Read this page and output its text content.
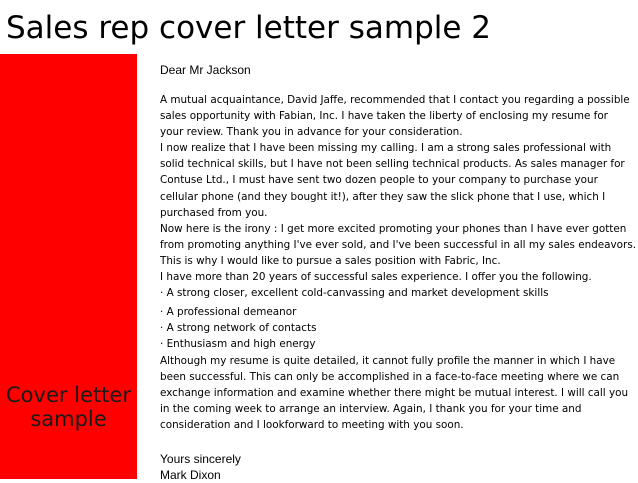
Sales rep cover letter sample 2
Cover letter
sample

Dear Mr Jackson

A mutual acquaintance, David Jaffe, recommended that I contact you regarding a possible

sales opportunity with Fabian, Inc. I have taken the liberty of enclosing my resume for

your review. Thank you in advance for your consideration.

I now realize that I have been missing my calling. I am a strong sales professional with

solid technical skills, but I have not been selling technical products. As sales manager for

Contuse Ltd., I must have sent two dozen people to your company to purchase your

cellular phone (and they bought it!), after they saw the slick phone that I use, which I

purchased from you.

Now here is the irony : I get more excited promoting your phones than I have ever gotten

from promoting anything I've ever sold, and I've been successful in all my sales endeavors.

This is why I would like to pursue a sales position with Fabric, Inc.

I have more than 20 years of successful sales experience. I offer you the following.

· A strong closer, excellent cold-canvassing and market development skills

· A professional demeanor

· A strong network of contacts

· Enthusiasm and high energy

Although my resume is quite detailed, it cannot fully profile the manner in which I have

been successful. This can only be accomplished in a face-to-face meeting where we can

exchange information and examine whether there might be mutual interest. I will call you

in the coming week to arrange an interview. Again, I thank you for your time and

consideration and I lookforward to meeting with you soon.

Yours sincerely

Mark Dixon
